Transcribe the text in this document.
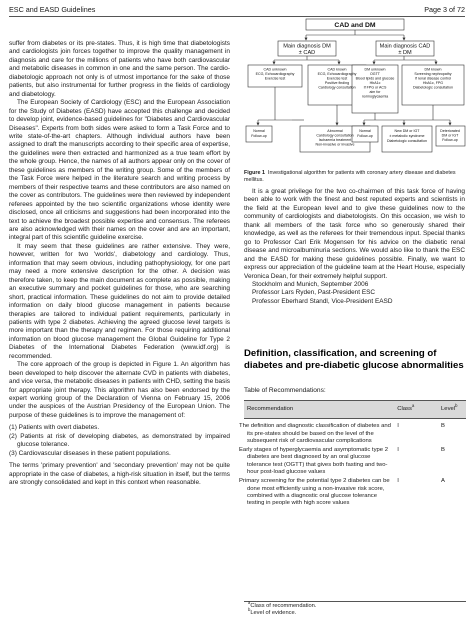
ESC and EASD Guidelines	Page 3 of 72

suffer from diabetes or its pre-states. Thus, it is high time that diabetologists and cardiologists join forces together to improve the quality management in diagnosis and care for the millions of patients who have both cardiovascular and metabolic diseases in common in one and the same person. The cardio-diabetologic approach not only is of utmost importance for the sake of those patients, but also instrumental for further progress in the fields of cardiology and diabetology.

The European Society of Cardiology (ESC) and the European Association for the Study of Diabetes (EASD) have accepted this challenge and decided to develop joint, evidence-based guidelines for "Diabetes and Cardiovascular Diseases". Experts from both sides were asked to form a Task Force and to write state-of-the-art chapters. Although individual authors have been assigned to draft the manuscripts according to their specific area of expertise, the guidelines were then extracted and harmonized as a true team effort by the whole group. Hence, the names of all authors appear only on the cover of these guidelines as members of the writing group. Some of the members of the Task Force were helped in the literature search and writing process by members of their respective teams and these contributors are also named on the cover as contributors. The guidelines were then reviewed by independent referees appointed by the two scientific organizations whose identity were disclosed, once all criticisms and suggestions had been incorporated into the text to achieve the broadest possible expertise and consensus. The referees are also acknowledged with their names on the cover and are an important, integral part of this scientific guideline exercise.

It may seem that these guidelines are rather extensive. They were, however, written for two 'worlds', diabetology and cardiology. Thus, information that may seem obvious, including pathophysiology, for one part may need a more extensive description for the other. A decision was therefore taken, to keep the main document as complete as possible, making an executive summary and pocket guidelines for those, who are searching short, practical information. These guidelines do not aim to provide detailed information on daily blood glucose management in patients because therapies are tailored to individual patient requirements, particularly in patients with type 2 diabetes. Achieving the agreed glucose level targets is more important than the therapy and regimen. For those requiring additional information on blood glucose management the Global Guideline for Type 2 Diabetes of the International Diabetes Federation (www.idf.org) is recommended.

The core approach of the group is depicted in Figure 1. An algorithm has been developed to help discover the alternate CVD in patients with diabetes, and vice versa, the metabolic diseases in patients with CHD, setting the basis for appropriate joint therapy. This algorithm has also been endorsed by the expert working group of the Declaration of Vienna on February 15, 2006 under the auspices of the Austrian Presidency of the European Union. The purpose of these guidelines is to improve the management of:

(1) Patients with overt diabetes.

(2) Patients at risk of developing diabetes, as demonstrated by impaired glucose tolerance.

(3) Cardiovascular diseases in these patient populations.

The terms 'primary prevention' and 'secondary prevention' may not be quite appropriate in the case of diabetes, a high-risk situation in itself, but the terms are strongly consolidated and kept in this context when reasonable.

CAD and DM
Main diagnosis DM
± CAD
Main diagnosis CAD
± DM
CAD unknown
ECG, Echocardiography
Exercise test
CAD known
ECG, Echocardiography
Exercise test
Positive finding
Cardiology consultation
DM unknown
OGTT
Blood lipids and glucose
HbA1c
If FPG or ACS
aim for
normoglycaemia
DM known
Screening nephropathy
If renal disease control
HbA1c, FPG
Diabetologic consultation
Normal
Follow-up
Abnormal
Cardiology consultation
Ischaemia treatment
Non-invasive or invasive
Normal
Follow-up
New DM or IGT
± metabolic syndrome
Diabetologic consultation
Deteriorated
DM or IGT
Follow-up
Figure 1 Investigational algorithm for patients with coronary artery disease and diabetes mellitus.

It is a great privilege for the two co-chairmen of this task force of having been able to work with the finest and best reputed experts and scientists in the field at the European level and to give these guidelines now to the community of cardiologists and diabetologists. On this occasion, we wish to thank all members of the task force who so generously shared their knowledge, as well as the referees for their tremendous input. Special thanks go to Professor Carl Erik Mogensen for his advice on the diabetic renal disease and microalbuminuria sections. We would also like to thank the ESC and the EASD for making these guidelines possible. Finally, we want to express our appreciation of the guideline team at the Heart House, especially Veronica Dean, for their extremely helpful support.

Stockholm and Munich, September 2006

Professor Lars Ryden, Past-President ESC

Professor Eberhard Standl, Vice-President EASD

Definition, classification, and screening of diabetes and pre-diabetic glucose abnormalities
Table of Recommendations:
Recommendation	Class$^a$	Level$^b$
The definition and diagnostic classification of diabetes and its pre-states should be based on the level of the subsequent risk of cardiovascular complications	I	B
Early stages of hyperglycaemia and asymptomatic type 2 diabetes are best diagnosed by an oral glucose tolerance test (OGTT) that gives both fasting and two-hour post-load glucose values	I	B
Primary screening for the potential type 2 diabetes can be done most efficiently using a non-invasive risk score, combined with a diagnostic oral glucose tolerance testing in people with high score values	I	A
$^a$Class of recommendation.
$^b$Level of evidence.
